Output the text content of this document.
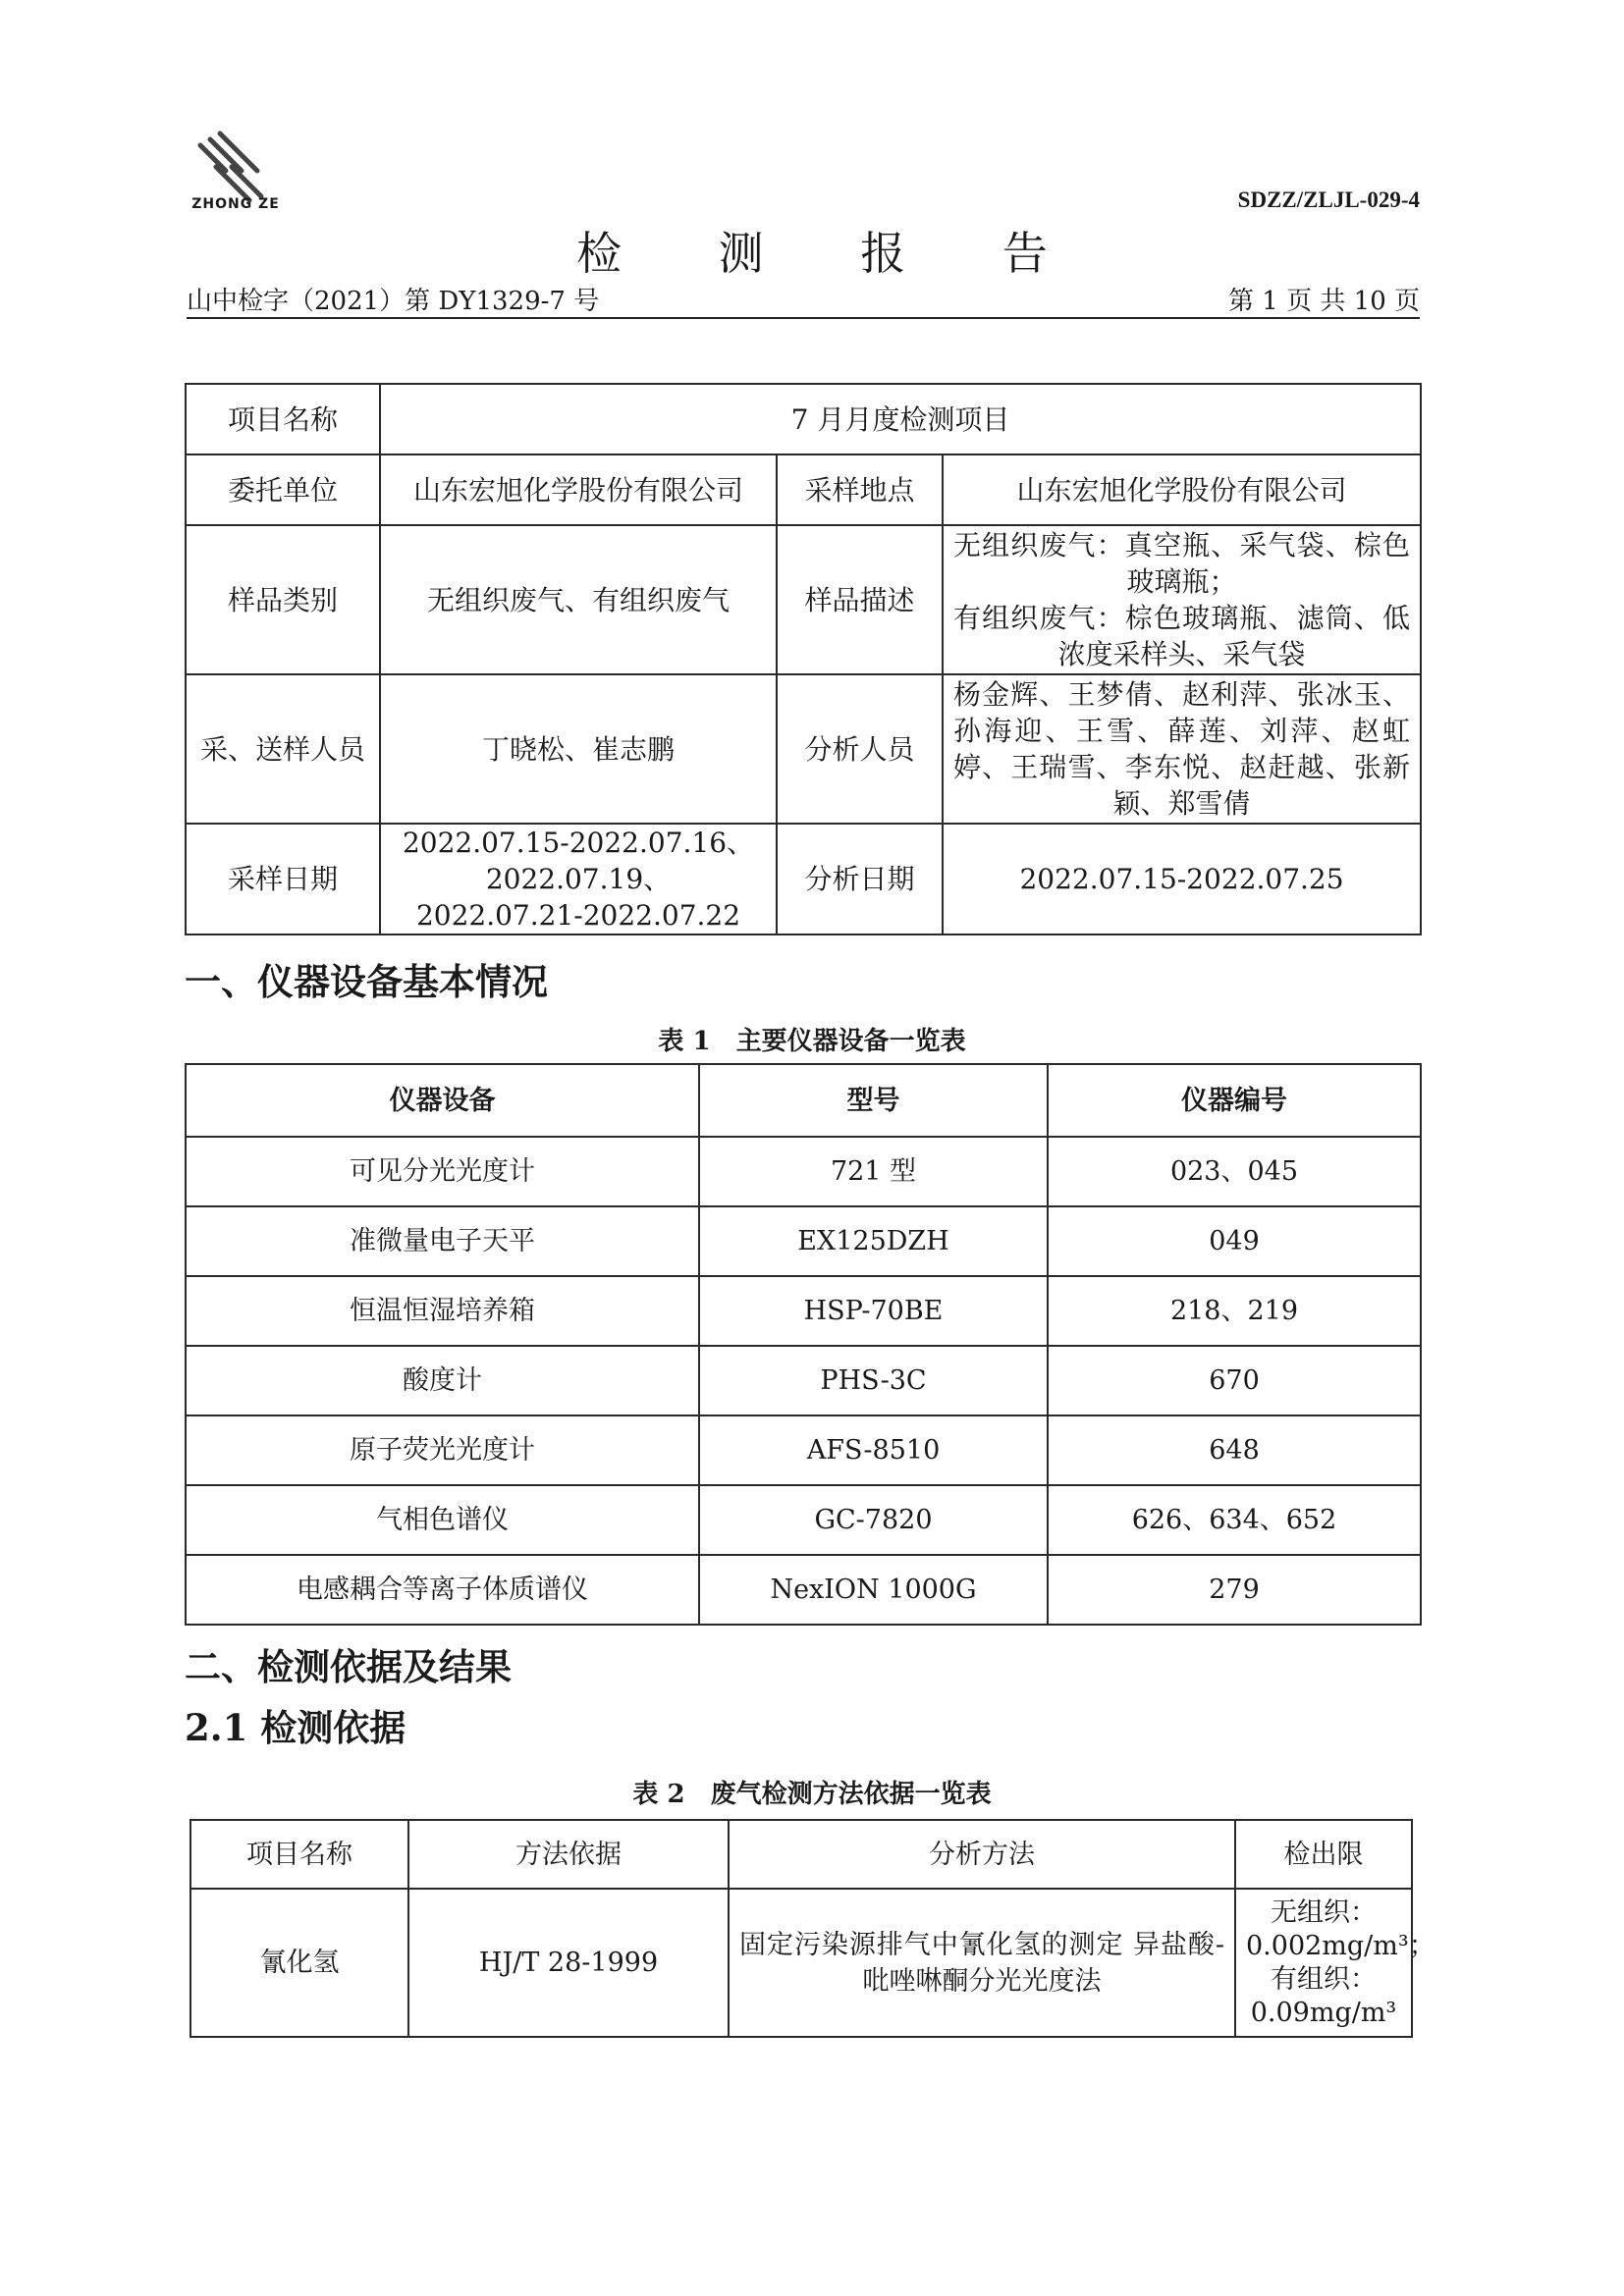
ZHONG ZE	SDZZ/ZLJL-029-4
检 测 报 告
山中检字（2021）第 DY1329-7 号	第 1 页 共 10 页
项目名称	7 月月度检测项目		
委托单位	山东宏旭化学股份有限公司	采样地点	山东宏旭化学股份有限公司
样品类别	无组织废气、有组织废气	样品描述	无组织废气：真空瓶、采气袋、棕色玻璃瓶；
有组织废气：棕色玻璃瓶、滤筒、低浓度采样头、采气袋

采、送样人员	丁晓松、崔志鹏	分析人员	杨金辉、王梦倩、赵利萍、张冰玉、孙海迎、王雪、薛莲、刘萍、赵虹婷、王瑞雪、李东悦、赵赶越、张新颖、郑雪倩
采样日期	2022.07.15-2022.07.16、
2022.07.19、
2022.07.21-2022.07.22	分析日期	2022.07.15-2022.07.25
一、仪器设备基本情况
表 1　主要仪器设备一览表
仪器设备	型号	仪器编号
可见分光光度计	721 型	023、045
准微量电子天平	EX125DZH	049
恒温恒湿培养箱	HSP-70BE	218、219
酸度计	PHS-3C	670
原子荧光光度计	AFS-8510	648
气相色谱仪	GC-7820	626、634、652
电感耦合等离子体质谱仪	NexION 1000G	279
二、检测依据及结果
2.1 检测依据
表 2　废气检测方法依据一览表
项目名称	方法依据	分析方法	检出限
氰化氢	HJ/T 28-1999	固定污染源排气中氰化氢的测定 异盐酸-吡唑啉酮分光光度法	无组织：
0.002mg/m³；
有组织：
0.09mg/m³
